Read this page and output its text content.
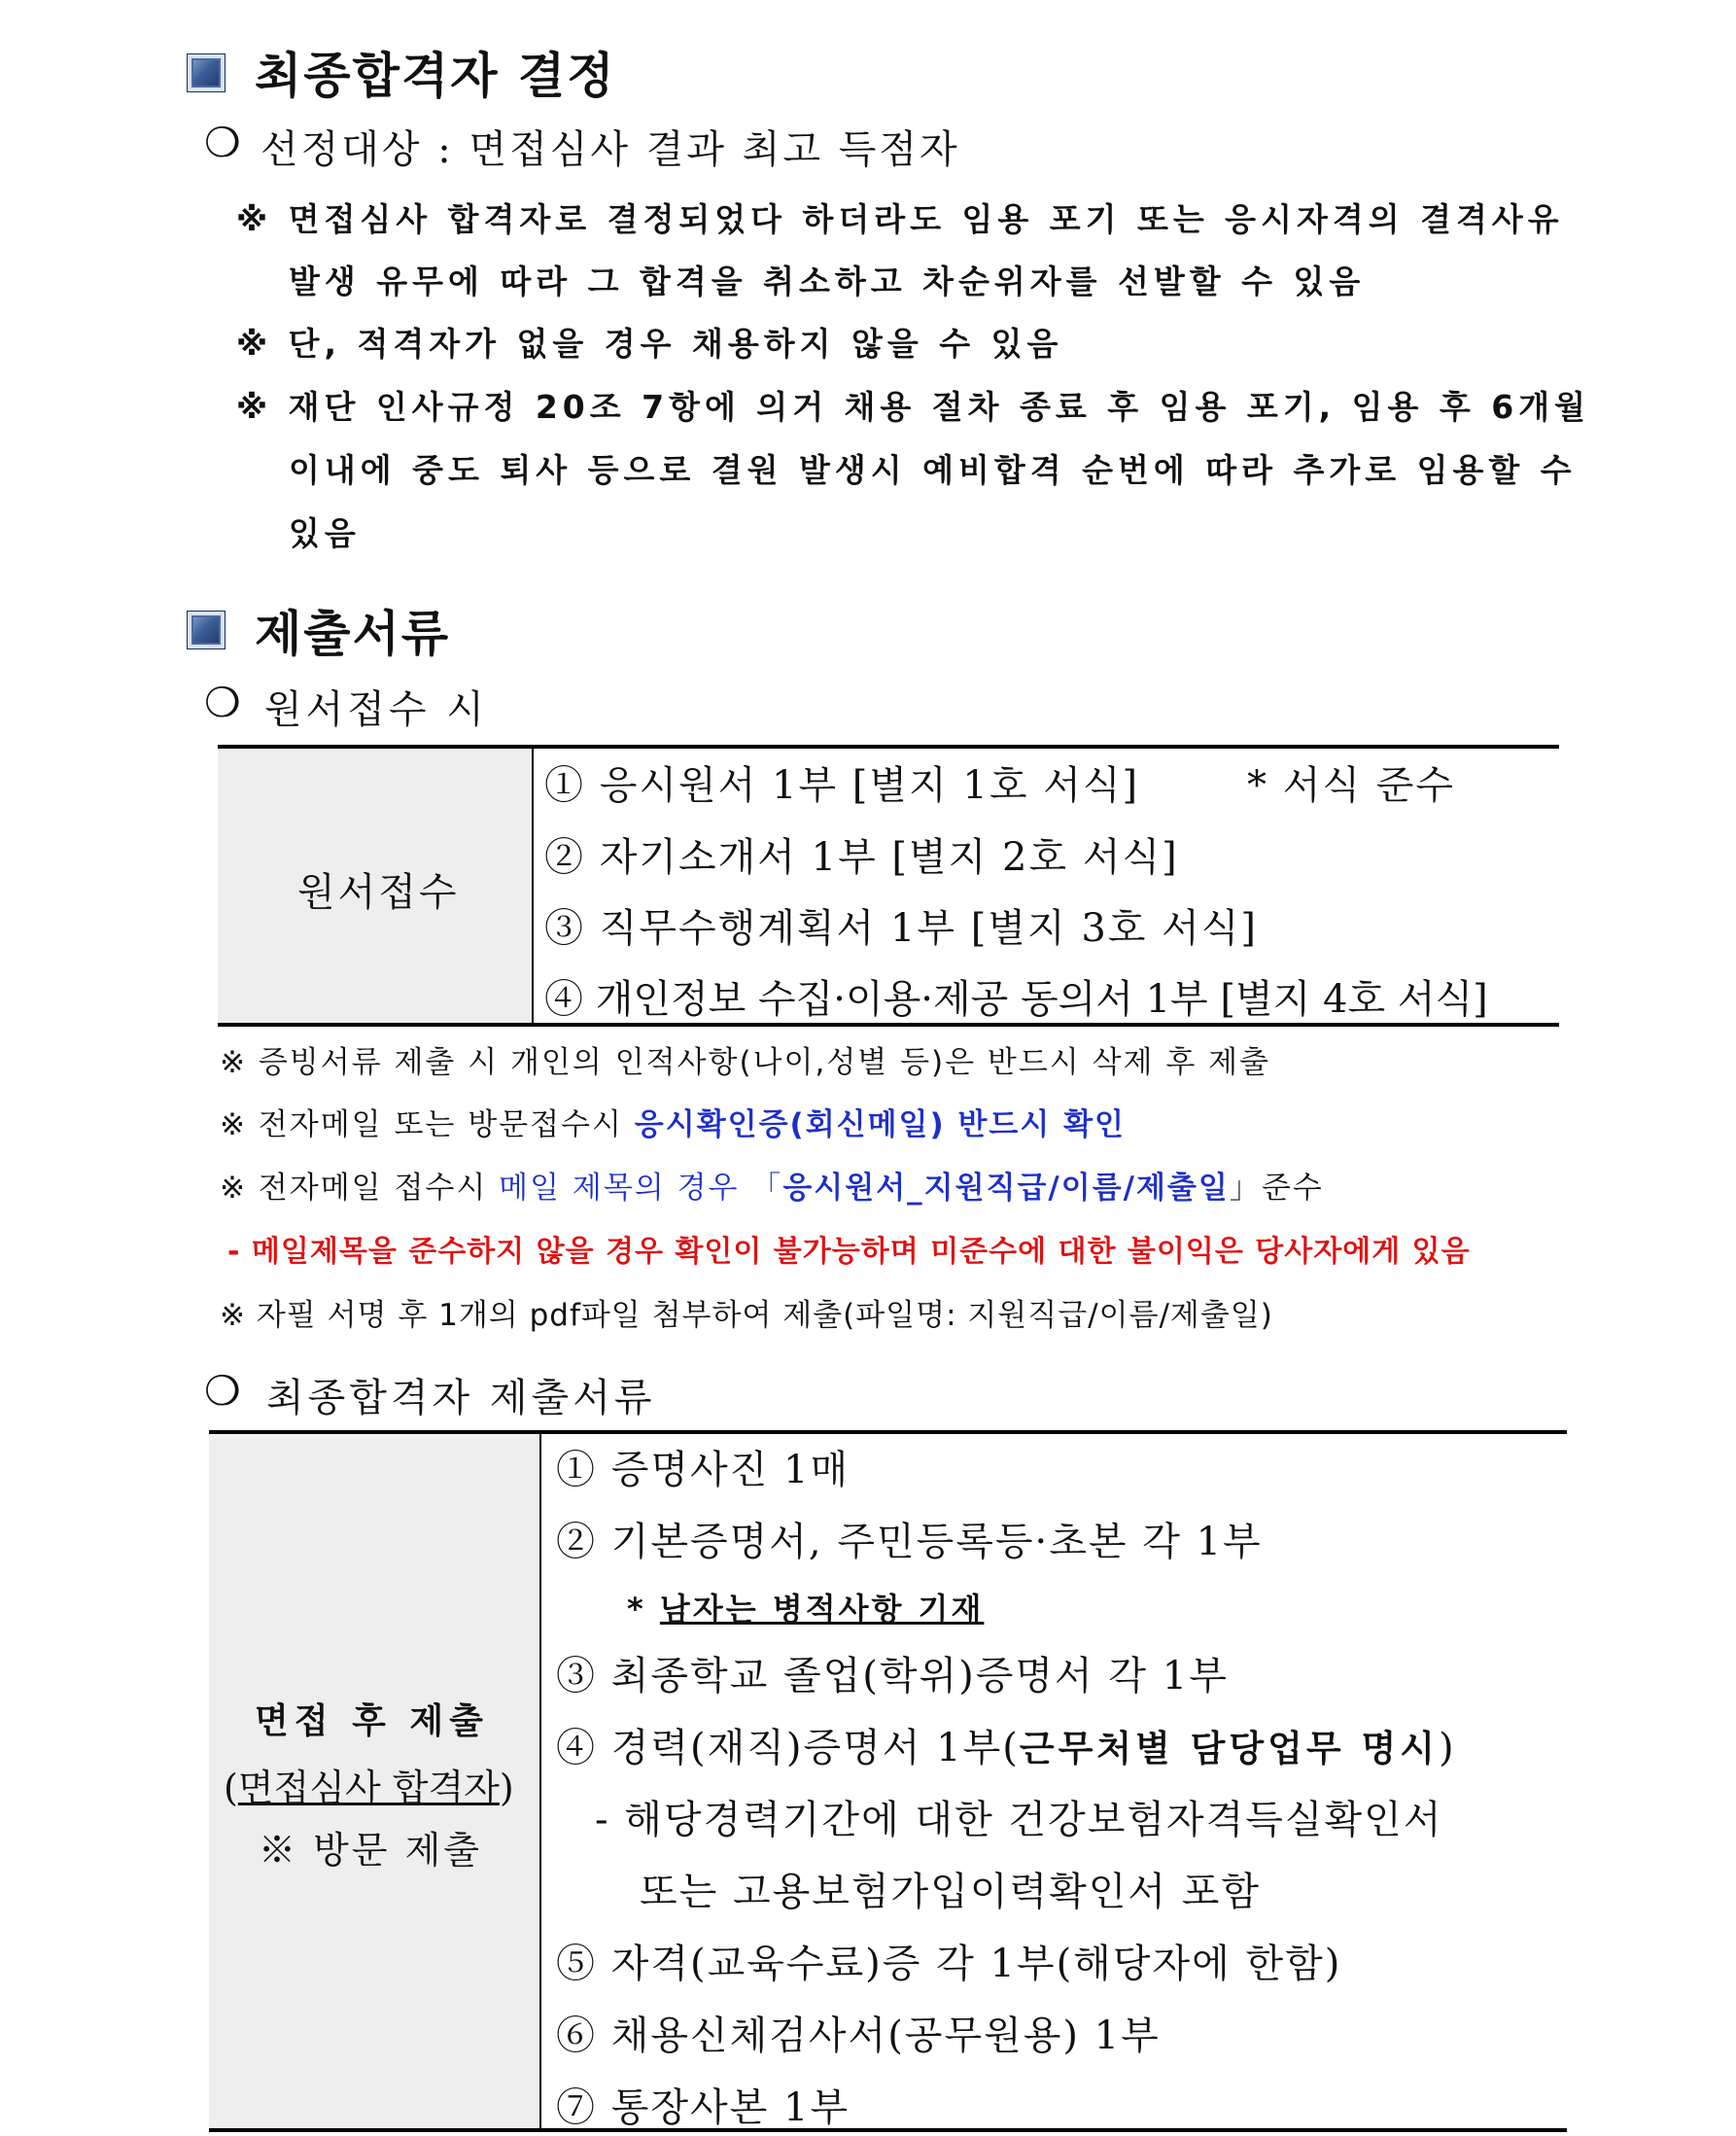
최종합격자 결정
❍ 선정대상 : 면접심사 결과 최고 득점자
※ 면접심사 합격자로 결정되었다 하더라도 임용 포기 또는 응시자격의 결격사유
발생 유무에 따라 그 합격을 취소하고 차순위자를 선발할 수 있음
※ 단, 적격자가 없을 경우 채용하지 않을 수 있음
※ 재단 인사규정 20조 7항에 의거 채용 절차 종료 후 임용 포기, 임용 후 6개월
이내에 중도 퇴사 등으로 결원 발생시 예비합격 순번에 따라 추가로 임용할 수
있음
제출서류
❍ 원서접수 시
원서접수
① 응시원서 1부 [별지 1호 서식]	* 서식 준수
② 자기소개서 1부 [별지 2호 서식]
③ 직무수행계획서 1부 [별지 3호 서식]
④ 개인정보 수집·이용·제공 동의서 1부 [별지 4호 서식]
※ 증빙서류 제출 시 개인의 인적사항(나이,성별 등)은 반드시 삭제 후 제출
※ 전자메일 또는 방문접수시 응시확인증(회신메일) 반드시 확인
※ 전자메일 접수시 메일 제목의 경우 「응시원서_지원직급/이름/제출일」준수
- 메일제목을 준수하지 않을 경우 확인이 불가능하며 미준수에 대한 불이익은 당사자에게 있음
※ 자필 서명 후 1개의 pdf파일 첨부하여 제출(파일명: 지원직급/이름/제출일)
❍ 최종합격자 제출서류
면접 후 제출
(면접심사 합격자)
※ 방문 제출
① 증명사진 1매
② 기본증명서, 주민등록등·초본 각 1부
* 남자는 병적사항 기재
③ 최종학교 졸업(학위)증명서 각 1부
④ 경력(재직)증명서 1부(근무처별 담당업무 명시)
- 해당경력기간에 대한 건강보험자격득실확인서
또는 고용보험가입이력확인서 포함
⑤ 자격(교육수료)증 각 1부(해당자에 한함)
⑥ 채용신체검사서(공무원용) 1부
⑦ 통장사본 1부
